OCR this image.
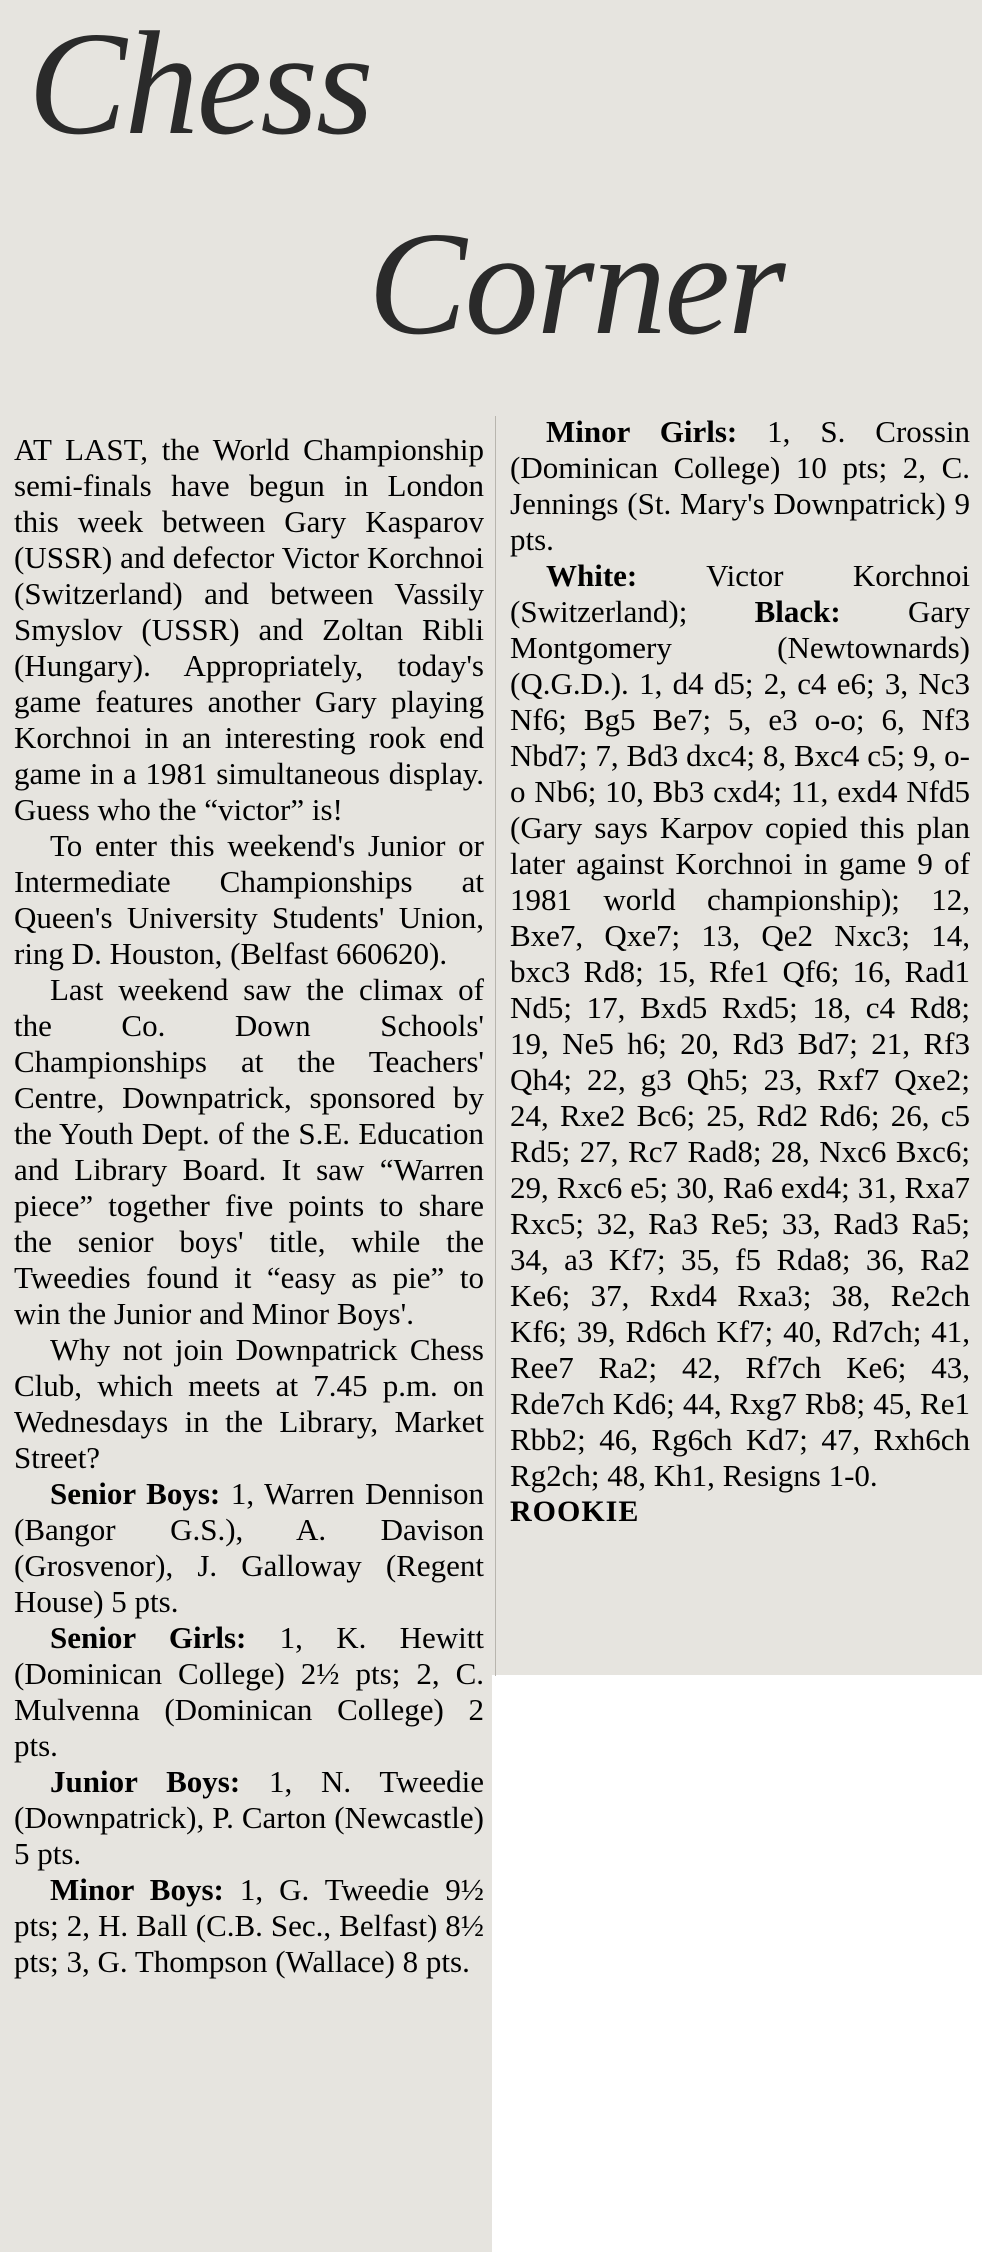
Chess
Corner

AT LAST, the World Championship semi-finals have begun in London this week between Gary Kasparov (USSR) and defector Victor Korchnoi (Switzerland) and between Vassily Smyslov (USSR) and Zoltan Ribli (Hungary). Appropriately, today's game features another Gary playing Korchnoi in an interesting rook end game in a 1981 simultaneous display. Guess who the “victor” is!

To enter this weekend's Junior or Intermediate Championships at Queen's University Students' Union, ring D. Houston, (Belfast 660620).

Last weekend saw the climax of the Co. Down Schools' Championships at the Teachers' Centre, Downpatrick, sponsored by the Youth Dept. of the S.E. Education and Library Board. It saw “Warren piece” together five points to share the senior boys' title, while the Tweedies found it “easy as pie” to win the Junior and Minor Boys'.

Why not join Downpatrick Chess Club, which meets at 7.45 p.m. on Wednesdays in the Library, Market Street?

Senior Boys: 1, Warren Dennison (Bangor G.S.), A. Davison (Grosvenor), J. Galloway (Regent House) 5 pts.

Senior Girls: 1, K. Hewitt (Dominican College) 2½ pts; 2, C. Mulvenna (Dominican College) 2 pts.

Junior Boys: 1, N. Tweedie (Downpatrick), P. Carton (Newcastle) 5 pts.

Minor Boys: 1, G. Tweedie 9½ pts; 2, H. Ball (C.B. Sec., Belfast) 8½ pts; 3, G. Thompson (Wallace) 8 pts.

Minor Girls: 1, S. Crossin (Dominican College) 10 pts; 2, C. Jennings (St. Mary's Downpatrick) 9 pts.

White: Victor Korchnoi (Switzerland); Black: Gary Montgomery (Newtownards) (Q.G.D.). 1, d4 d5; 2, c4 e6; 3, Nc3 Nf6; Bg5 Be7; 5, e3 o-o; 6, Nf3 Nbd7; 7, Bd3 dxc4; 8, Bxc4 c5; 9, o-o Nb6; 10, Bb3 cxd4; 11, exd4 Nfd5 (Gary says Karpov copied this plan later against Korchnoi in game 9 of 1981 world championship); 12, Bxe7, Qxe7; 13, Qe2 Nxc3; 14, bxc3 Rd8; 15, Rfe1 Qf6; 16, Rad1 Nd5; 17, Bxd5 Rxd5; 18, c4 Rd8; 19, Ne5 h6; 20, Rd3 Bd7; 21, Rf3 Qh4; 22, g3 Qh5; 23, Rxf7 Qxe2; 24, Rxe2 Bc6; 25, Rd2 Rd6; 26, c5 Rd5; 27, Rc7 Rad8; 28, Nxc6 Bxc6; 29, Rxc6 e5; 30, Ra6 exd4; 31, Rxa7 Rxc5; 32, Ra3 Re5; 33, Rad3 Ra5; 34, a3 Kf7; 35, f5 Rda8; 36, Ra2 Ke6; 37, Rxd4 Rxa3; 38, Re2ch Kf6; 39, Rd6ch Kf7; 40, Rd7ch; 41, Ree7 Ra2; 42, Rf7ch Ke6; 43, Rde7ch Kd6; 44, Rxg7 Rb8; 45, Re1 Rbb2; 46, Rg6ch Kd7; 47, Rxh6ch Rg2ch; 48, Kh1, Resigns 1-0.

ROOKIE
